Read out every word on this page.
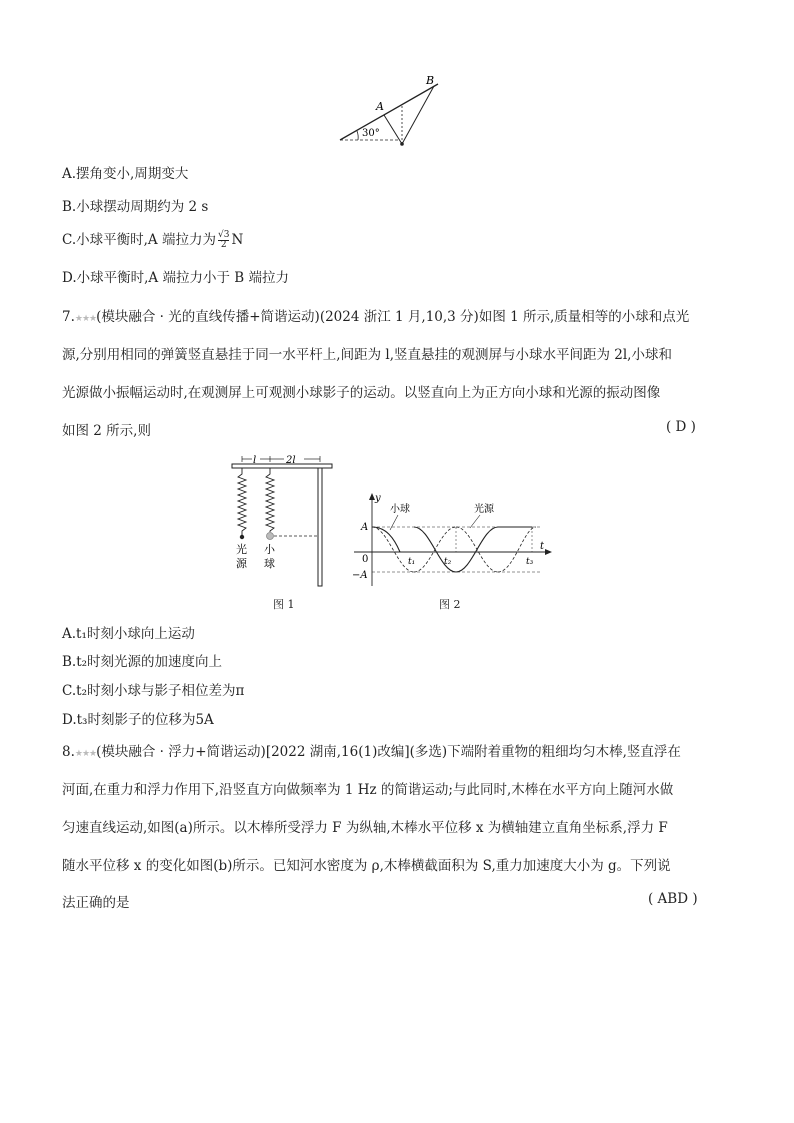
A
B
30°
A.摆角变小,周期变大
B.小球摆动周期约为 2 s
C.小球平衡时,A 端拉力为 $\frac{√3}{2}$ N
D.小球平衡时,A 端拉力小于 B 端拉力
7.★★★(模块融合 · 光的直线传播+简谐运动)(2024 浙江 1 月,10,3 分)如图 1 所示,质量相等的小球和点光
源,分别用相同的弹簧竖直悬挂于同一水平杆上,间距为 l,竖直悬挂的观测屏与小球水平间距为 2l,小球和
光源做小振幅运动时,在观测屏上可观测小球影子的运动。以竖直向上为正方向小球和光源的振动图像
如图 2 所示,则	( D )
l	2l
光
源
小
球
图 1
y
t
A
−A
0	t₁	t₂	t₃
小球	光源
图 2
A.t₁时刻小球向上运动
B.t₂时刻光源的加速度向上
C.t₂时刻小球与影子相位差为π
D.t₃时刻影子的位移为5A
8.★★★(模块融合 · 浮力+简谐运动)[2022 湖南,16(1)改编](多选)下端附着重物的粗细均匀木棒,竖直浮在
河面,在重力和浮力作用下,沿竖直方向做频率为 1 Hz 的简谐运动;与此同时,木棒在水平方向上随河水做
匀速直线运动,如图(a)所示。以木棒所受浮力 F 为纵轴,木棒水平位移 x 为横轴建立直角坐标系,浮力 F
随水平位移 x 的变化如图(b)所示。已知河水密度为 ρ,木棒横截面积为 S,重力加速度大小为 g。下列说
法正确的是	( ABD )
